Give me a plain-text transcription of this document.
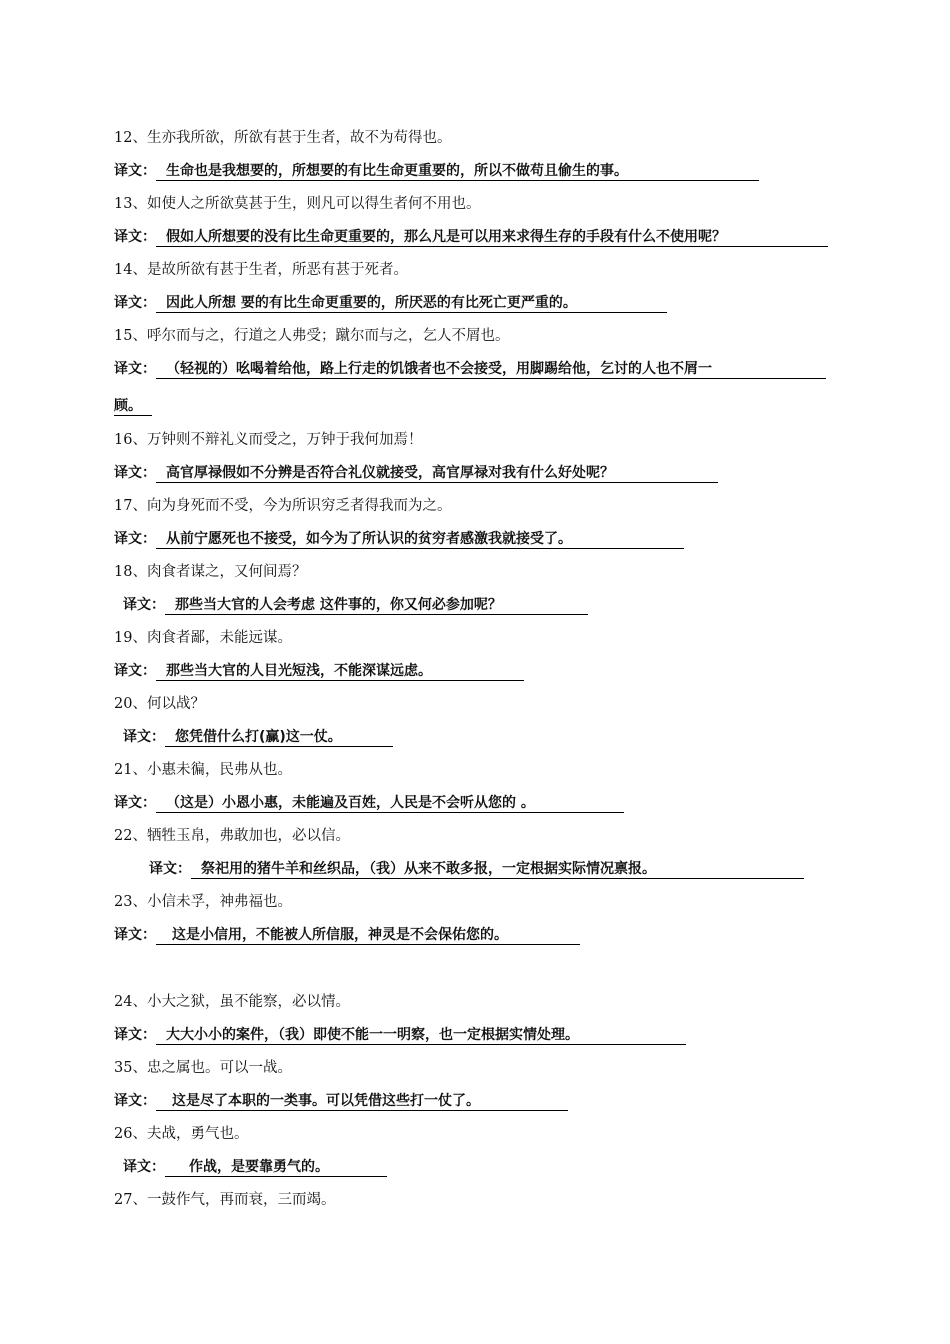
12、生亦我所欲，所欲有甚于生者，故不为苟得也。
译文： 生命也是我想要的，所想要的有比生命更重要的，所以不做苟且偷生的事。
13、如使人之所欲莫甚于生，则凡可以得生者何不用也。
译文： 假如人所想要的没有比生命更重要的，那么凡是可以用来求得生存的手段有什么不使用呢？
14、是故所欲有甚于生者，所恶有甚于死者。
译文： 因此人所想 要的有比生命更重要的，所厌恶的有比死亡更严重的。
15、呼尔而与之，行道之人弗受；蹴尔而与之，乞人不屑也。
译文： （轻视的）吆喝着给他，路上行走的饥饿者也不会接受，用脚踢给他，乞讨的人也不屑一
顾。
16、万钟则不辩礼义而受之，万钟于我何加焉！
译文： 高官厚禄假如不分辨是否符合礼仪就接受，高官厚禄对我有什么好处呢？
17、向为身死而不受，今为所识穷乏者得我而为之。
译文： 从前宁愿死也不接受，如今为了所认识的贫穷者感激我就接受了。
18、肉食者谋之，又何间焉？
译文： 那些当大官的人会考虑 这件事的，你又何必参加呢？
19、肉食者鄙，未能远谋。
译文： 那些当大官的人目光短浅，不能深谋远虑。
20、何以战？
译文： 您凭借什么打(赢)这一仗。
21、小惠未徧，民弗从也。
译文： （这是）小恩小惠，未能遍及百姓，人民是不会听从您的 。
22、牺牲玉帛，弗敢加也，必以信。
译文： 祭祀用的猪牛羊和丝织品，（我）从来不敢多报，一定根据实际情况禀报。
23、小信未孚，神弗福也。
译文： 这是小信用，不能被人所信服，神灵是不会保佑您的。
24、小大之狱，虽不能察，必以情。
译文： 大大小小的案件，（我）即使不能一一明察，也一定根据实情处理。
35、忠之属也。可以一战。
译文： 这是尽了本职的一类事。可以凭借这些打一仗了。
26、夫战，勇气也。
译文： 作战，是要靠勇气的。
27、一鼓作气，再而衰，三而竭。
